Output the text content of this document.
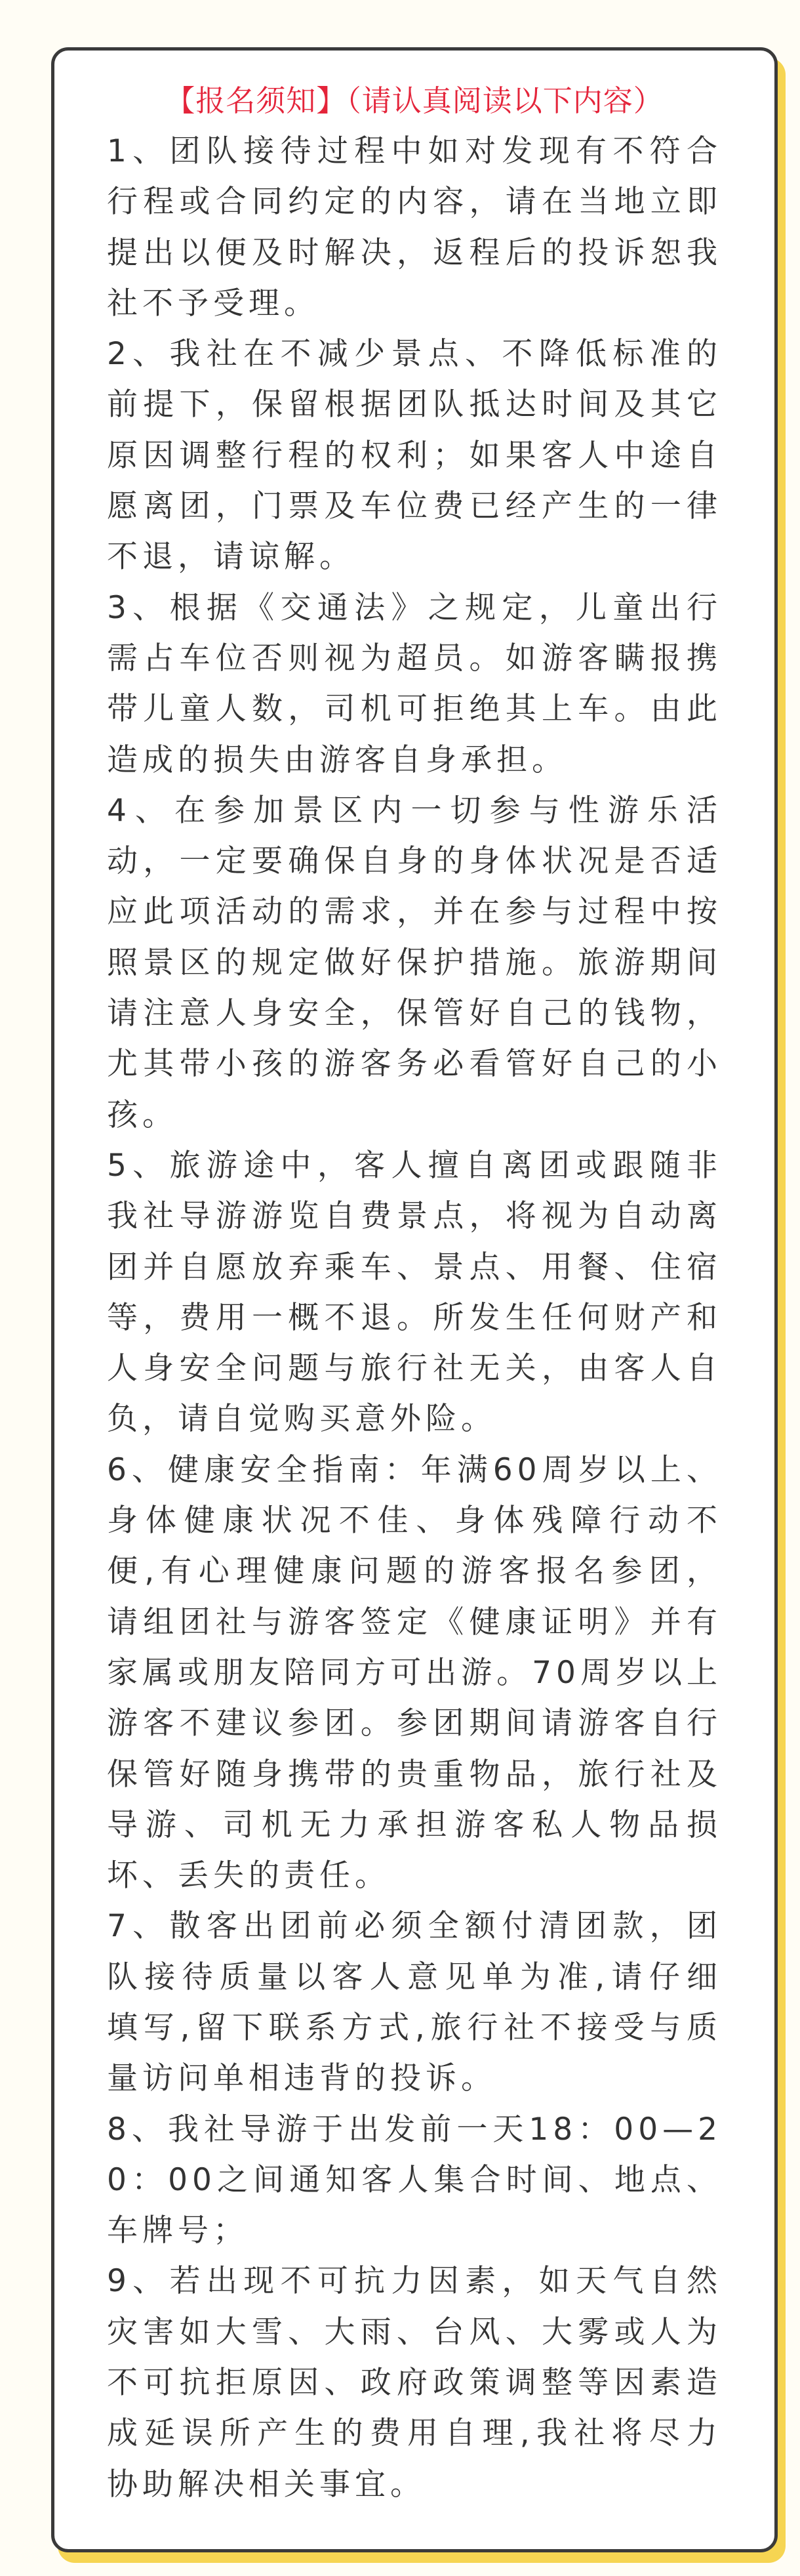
【报名须知】（请认真阅读以下内容）

1、团队接待过程中如对发现有不符合行程或合同约定的内容，请在当地立即提出以便及时解决，返程后的投诉恕我社不予受理。

2、我社在不减少景点、不降低标准的前提下，保留根据团队抵达时间及其它原因调整行程的权利；如果客人中途自愿离团，门票及车位费已经产生的一律不退，请谅解。

3、根据《交通法》之规定，儿童出行需占车位否则视为超员。如游客瞒报携带儿童人数，司机可拒绝其上车。由此造成的损失由游客自身承担。

4、在参加景区内一切参与性游乐活动，一定要确保自身的身体状况是否适应此项活动的需求，并在参与过程中按照景区的规定做好保护措施。旅游期间请注意人身安全，保管好自己的钱物，尤其带小孩的游客务必看管好自己的小孩。

5、旅游途中，客人擅自离团或跟随非我社导游游览自费景点，将视为自动离团并自愿放弃乘车、景点、用餐、住宿等，费用一概不退。所发生任何财产和人身安全问题与旅行社无关，由客人自负，请自觉购买意外险。

6、健康安全指南：年满60周岁以上、身体健康状况不佳、身体残障行动不便,有心理健康问题的游客报名参团，请组团社与游客签定《健康证明》并有家属或朋友陪同方可出游。70周岁以上游客不建议参团。参团期间请游客自行保管好随身携带的贵重物品，旅行社及导游、司机无力承担游客私人物品损坏、丢失的责任。

7、散客出团前必须全额付清团款，团队接待质量以客人意见单为准,请仔细填写,留下联系方式,旅行社不接受与质量访问单相违背的投诉。

8、我社导游于出发前一天18：00—20：00之间通知客人集合时间、地点、车牌号；

9、若出现不可抗力因素，如天气自然灾害如大雪、大雨、台风、大雾或人为不可抗拒原因、政府政策调整等因素造成延误所产生的费用自理,我社将尽力协助解决相关事宜。
